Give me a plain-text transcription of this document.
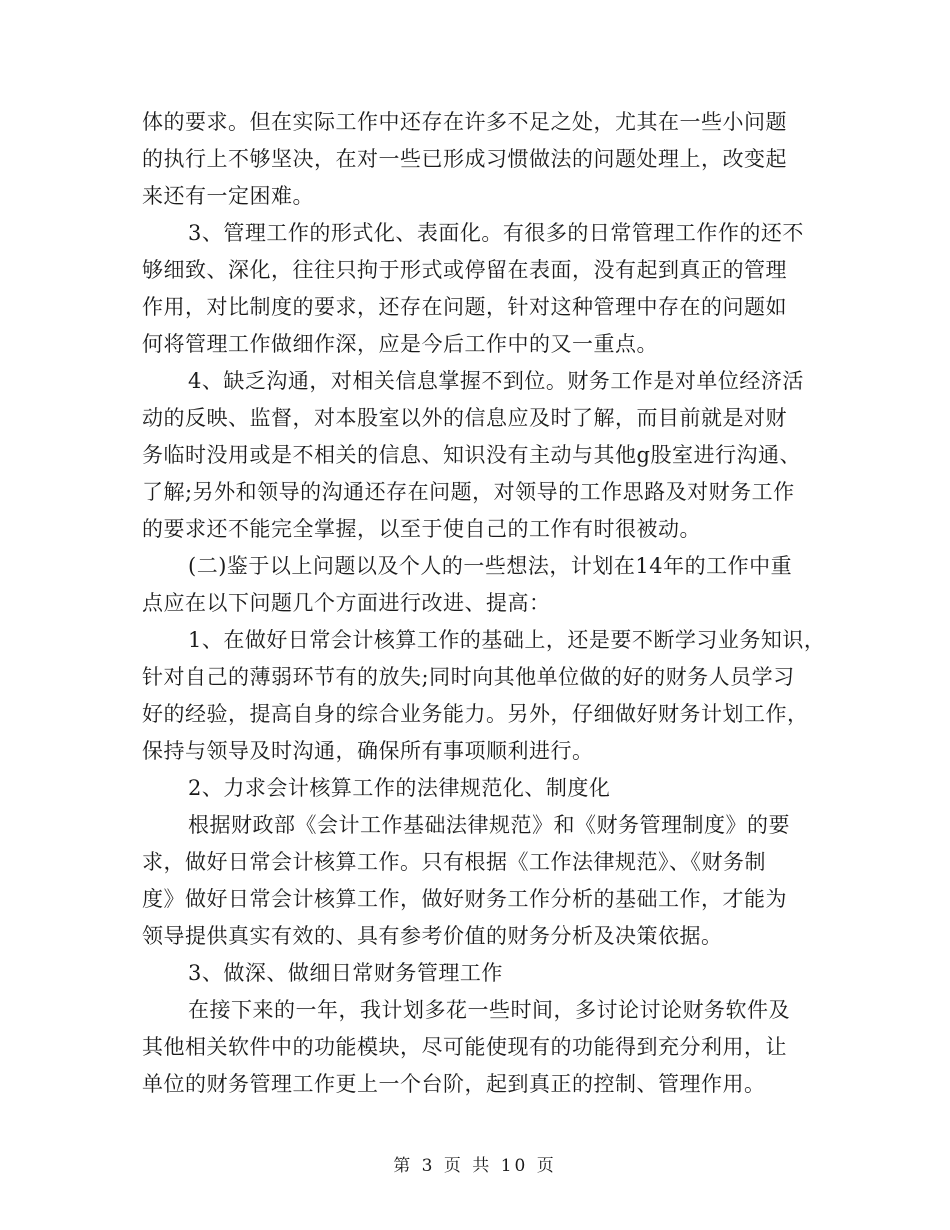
体的要求。但在实际工作中还存在许多不足之处，尤其在一些小问题
的执行上不够坚决，在对一些已形成习惯做法的问题处理上，改变起
来还有一定困难。
3、管理工作的形式化、表面化。有很多的日常管理工作作的还不
够细致、深化，往往只拘于形式或停留在表面，没有起到真正的管理
作用，对比制度的要求，还存在问题，针对这种管理中存在的问题如
何将管理工作做细作深，应是今后工作中的又一重点。
4、缺乏沟通，对相关信息掌握不到位。财务工作是对单位经济活
动的反映、监督，对本股室以外的信息应及时了解，而目前就是对财
务临时没用或是不相关的信息、知识没有主动与其他g股室进行沟通、
了解;另外和领导的沟通还存在问题，对领导的工作思路及对财务工作
的要求还不能完全掌握，以至于使自己的工作有时很被动。
(二)鉴于以上问题以及个人的一些想法，计划在14年的工作中重
点应在以下问题几个方面进行改进、提高：
1、在做好日常会计核算工作的基础上，还是要不断学习业务知识，
针对自己的薄弱环节有的放失;同时向其他单位做的好的财务人员学习
好的经验，提高自身的综合业务能力。另外，仔细做好财务计划工作，
保持与领导及时沟通，确保所有事项顺利进行。
2、力求会计核算工作的法律规范化、制度化
根据财政部《会计工作基础法律规范》和《财务管理制度》的要
求，做好日常会计核算工作。只有根据《工作法律规范》、《财务制
度》做好日常会计核算工作，做好财务工作分析的基础工作，才能为
领导提供真实有效的、具有参考价值的财务分析及决策依据。
3、做深、做细日常财务管理工作
在接下来的一年，我计划多花一些时间，多讨论讨论财务软件及
其他相关软件中的功能模块，尽可能使现有的功能得到充分利用，让
单位的财务管理工作更上一个台阶，起到真正的控制、管理作用。
第 3 页 共 10 页
